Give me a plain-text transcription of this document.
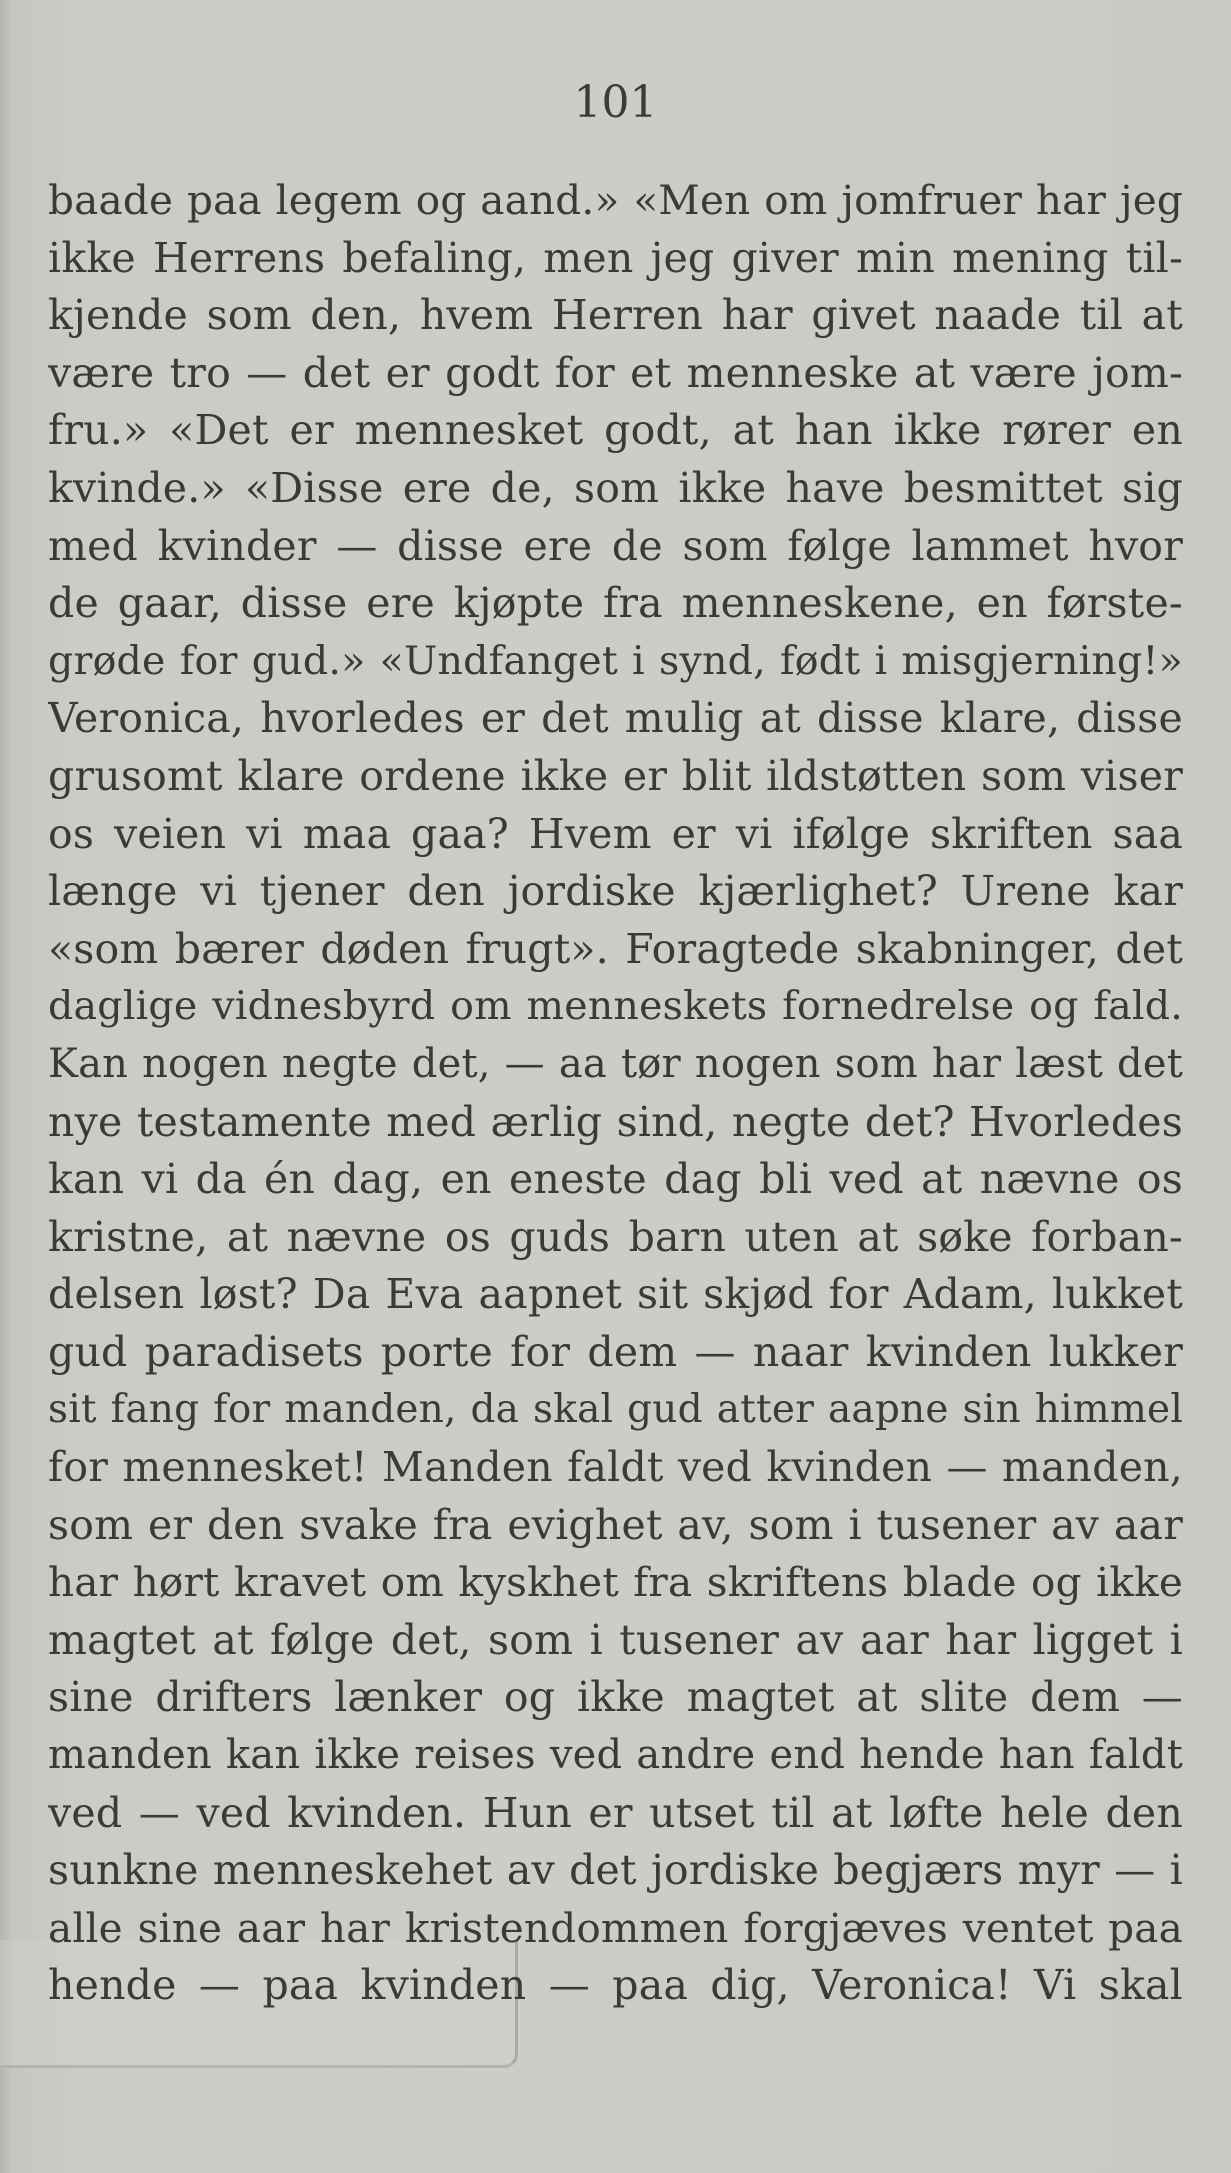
101
baade paa legem og aand.» «Men om jomfruer har jeg
ikke Herrens befaling, men jeg giver min mening til-
kjende som den, hvem Herren har givet naade til at
være tro — det er godt for et menneske at være jom-
fru.» «Det er mennesket godt, at han ikke rører en
kvinde.» «Disse ere de, som ikke have besmittet sig
med kvinder — disse ere de som følge lammet hvor
de gaar, disse ere kjøpte fra menneskene, en første-
grøde for gud.» «Undfanget i synd, født i misgjerning!»
Veronica, hvorledes er det mulig at disse klare, disse
grusomt klare ordene ikke er blit ildstøtten som viser
os veien vi maa gaa? Hvem er vi ifølge skriften saa
længe vi tjener den jordiske kjærlighet? Urene kar
«som bærer døden frugt». Foragtede skabninger, det
daglige vidnesbyrd om menneskets fornedrelse og fald.
Kan nogen negte det, — aa tør nogen som har læst det
nye testamente med ærlig sind, negte det? Hvorledes
kan vi da én dag, en eneste dag bli ved at nævne os
kristne, at nævne os guds barn uten at søke forban-
delsen løst? Da Eva aapnet sit skjød for Adam, lukket
gud paradisets porte for dem — naar kvinden lukker
sit fang for manden, da skal gud atter aapne sin himmel
for mennesket! Manden faldt ved kvinden — manden,
som er den svake fra evighet av, som i tusener av aar
har hørt kravet om kyskhet fra skriftens blade og ikke
magtet at følge det, som i tusener av aar har ligget i
sine drifters lænker og ikke magtet at slite dem —
manden kan ikke reises ved andre end hende han faldt
ved — ved kvinden. Hun er utset til at løfte hele den
sunkne menneskehet av det jordiske begjærs myr — i
alle sine aar har kristendommen forgjæves ventet paa
hende — paa kvinden — paa dig, Veronica! Vi skal
